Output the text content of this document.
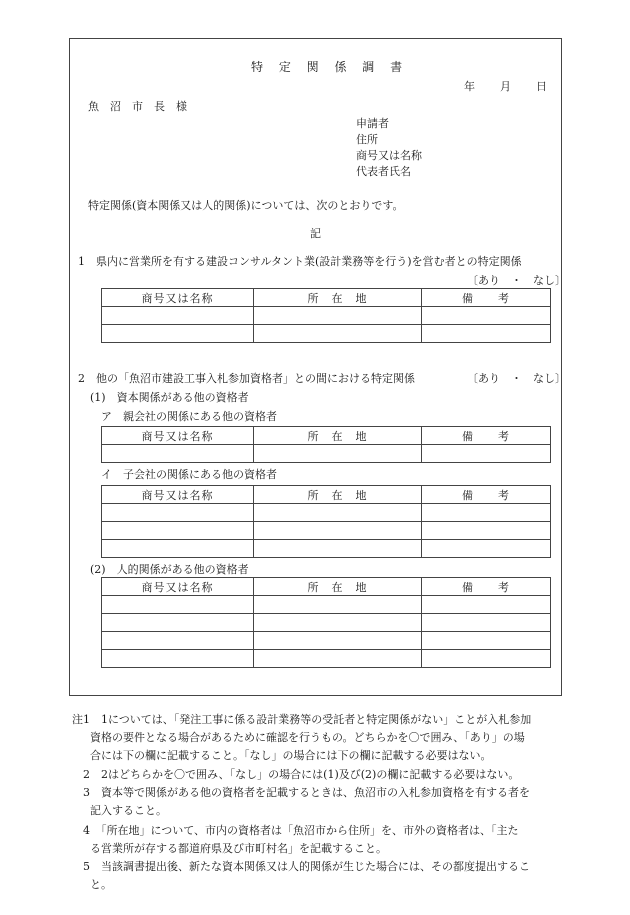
特 定 関 係 調 書
年 月 日
魚　沼　市　長　様
申請者
住所
商号又は名称
代表者氏名
特定関係(資本関係又は人的関係)については、次のとおりです。
記
1　県内に営業所を有する建設コンサルタント業(設計業務等を行う)を営む者との特定関係
〔あり　・　なし〕
商号又は名称	所　在　地	備　　考

2　他の「魚沼市建設工事入札参加資格者」との間における特定関係	〔あり　・　なし〕
(1)　資本関係がある他の資格者
ア　親会社の関係にある他の資格者
商号又は名称	所　在　地	備　　考

イ　子会社の関係にある他の資格者
商号又は名称	所　在　地	備　　考

(2)　人的関係がある他の資格者
商号又は名称	所　在　地	備　　考

注1　1については、「発注工事に係る設計業務等の受託者と特定関係がない」ことが入札参加
資格の要件となる場合があるために確認を行うもの。どちらかを〇で囲み、「あり」の場
合には下の欄に記載すること。「なし」の場合には下の欄に記載する必要はない。
2　2はどちらかを〇で囲み、「なし」の場合には(1)及び(2)の欄に記載する必要はない。
3　資本等で関係がある他の資格者を記載するときは、魚沼市の入札参加資格を有する者を
記入すること。
4　「所在地」について、市内の資格者は「魚沼市から住所」を、市外の資格者は、「主た
る営業所が存する都道府県及び市町村名」を記載すること。
5　当該調書提出後、新たな資本関係又は人的関係が生じた場合には、その都度提出するこ
と。
